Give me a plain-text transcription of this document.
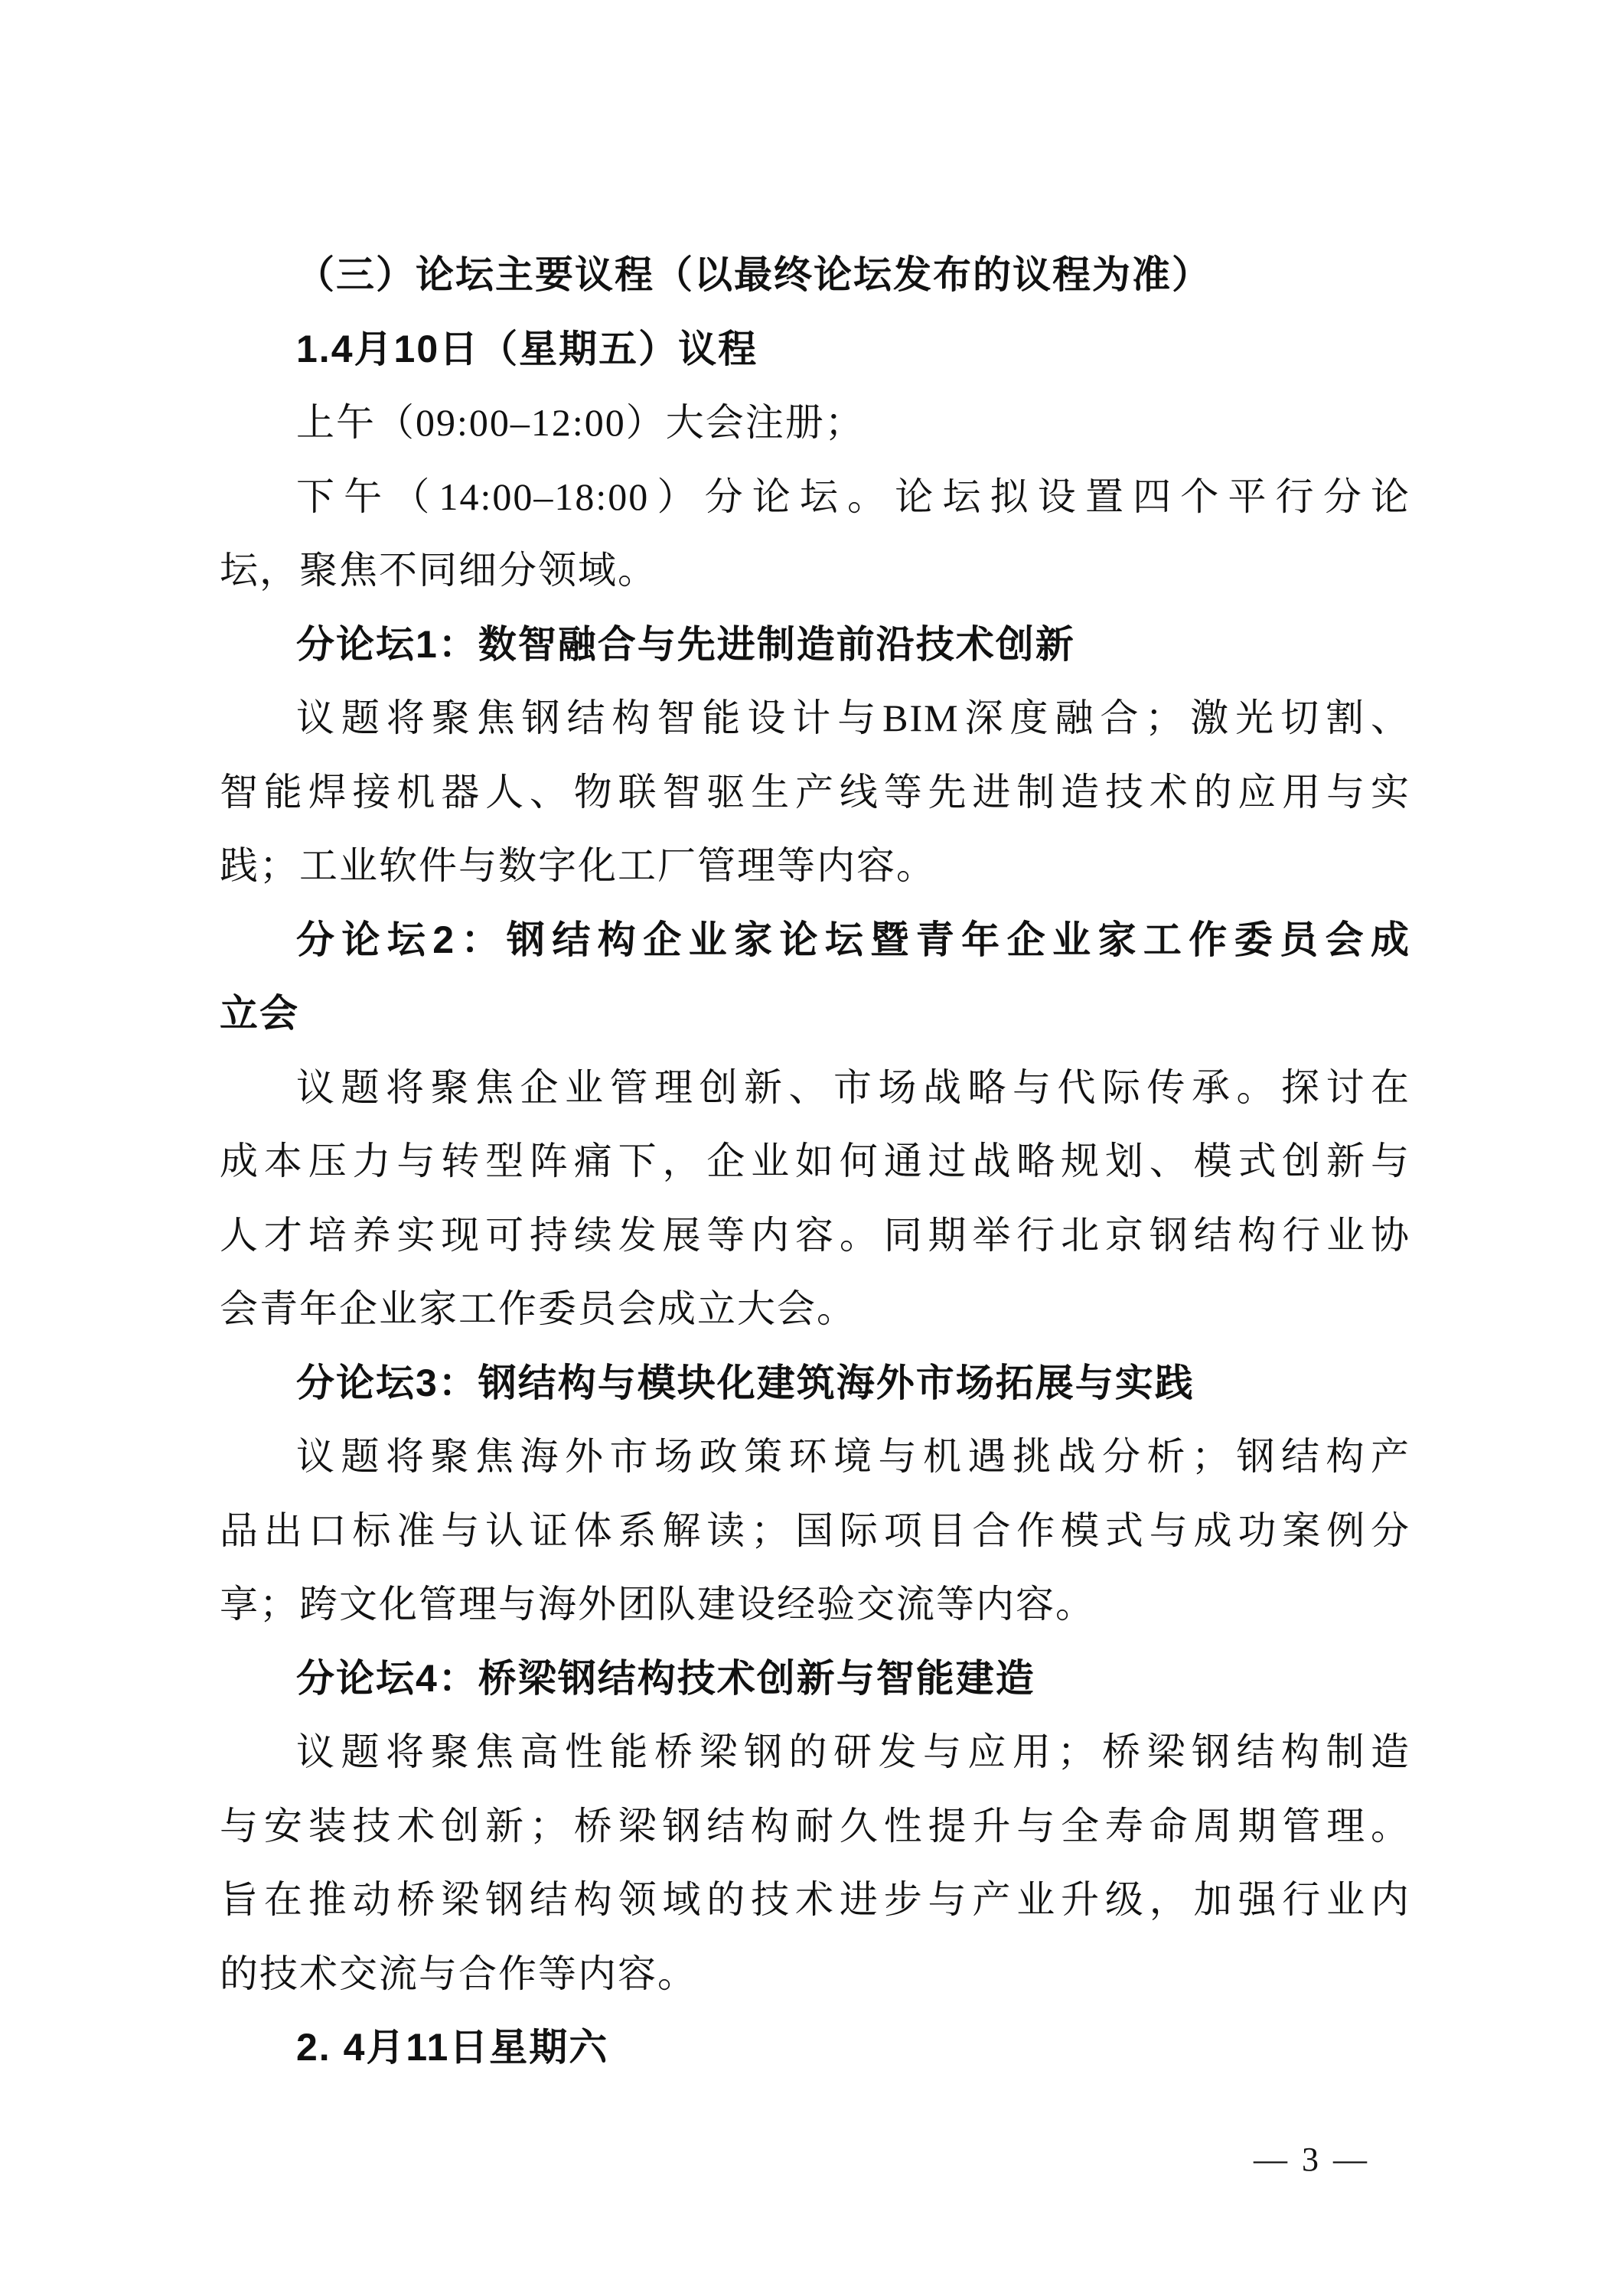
（三）论坛主要议程（以最终论坛发布的议程为准）
1.4月10日（星期五）议程
上午（09:00–12:00）大会注册；
下午（14:00–18:00）分论坛。论坛拟设置四个平行分论
坛，聚焦不同细分领域。
分论坛1：数智融合与先进制造前沿技术创新
议题将聚焦钢结构智能设计与BIM深度融合；激光切割、
智能焊接机器人、物联智驱生产线等先进制造技术的应用与实
践；工业软件与数字化工厂管理等内容。
分论坛2：钢结构企业家论坛暨青年企业家工作委员会成
立会
议题将聚焦企业管理创新、市场战略与代际传承。探讨在
成本压力与转型阵痛下，企业如何通过战略规划、模式创新与
人才培养实现可持续发展等内容。同期举行北京钢结构行业协
会青年企业家工作委员会成立大会。
分论坛3：钢结构与模块化建筑海外市场拓展与实践
议题将聚焦海外市场政策环境与机遇挑战分析；钢结构产
品出口标准与认证体系解读；国际项目合作模式与成功案例分
享；跨文化管理与海外团队建设经验交流等内容。
分论坛4：桥梁钢结构技术创新与智能建造
议题将聚焦高性能桥梁钢的研发与应用；桥梁钢结构制造
与安装技术创新；桥梁钢结构耐久性提升与全寿命周期管理。
旨在推动桥梁钢结构领域的技术进步与产业升级，加强行业内
的技术交流与合作等内容。
2. 4月11日星期六
— 3 —
